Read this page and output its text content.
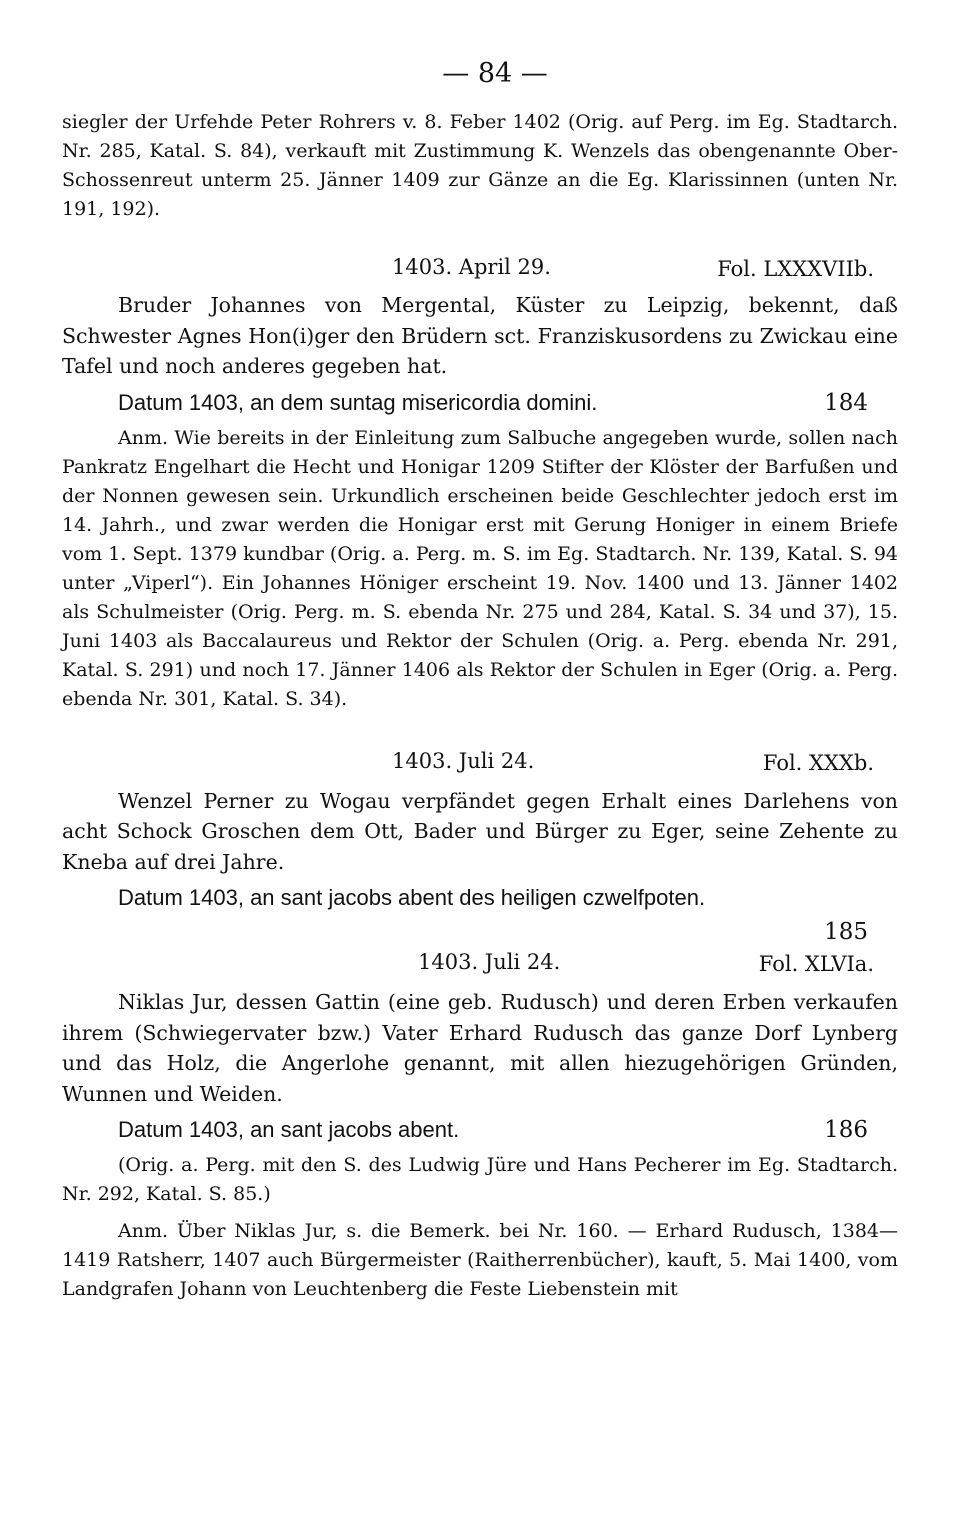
— 84 —

siegler der Urfehde Peter Rohrers v. 8. Feber 1402 (Orig. auf Perg. im Eg. Stadtarch. Nr. 285, Katal. S. 84), verkauft mit Zustimmung K. Wenzels das obengenannte Ober-Schossenreut unterm 25. Jänner 1409 zur Gänze an die Eg. Klarissinnen (unten Nr. 191, 192).

1403. April 29.	Fol. LXXXVIIb.

Bruder Johannes von Mergental, Küster zu Leipzig, bekennt, daß Schwester Agnes Hon(i)ger den Brüdern sct. Franziskusordens zu Zwickau eine Tafel und noch anderes gegeben hat.

Datum 1403, an dem suntag misericordia domini.	184

Anm. Wie bereits in der Einleitung zum Salbuche angegeben wurde, sollen nach Pankratz Engelhart die Hecht und Honigar 1209 Stifter der Klöster der Barfußen und der Nonnen gewesen sein. Urkundlich erscheinen beide Geschlechter jedoch erst im 14. Jahrh., und zwar werden die Honigar erst mit Gerung Honiger in einem Briefe vom 1. Sept. 1379 kundbar (Orig. a. Perg. m. S. im Eg. Stadtarch. Nr. 139, Katal. S. 94 unter „Viperl“). Ein Johannes Höniger erscheint 19. Nov. 1400 und 13. Jänner 1402 als Schulmeister (Orig. Perg. m. S. ebenda Nr. 275 und 284, Katal. S. 34 und 37), 15. Juni 1403 als Baccalaureus und Rektor der Schulen (Orig. a. Perg. ebenda Nr. 291, Katal. S. 291) und noch 17. Jänner 1406 als Rektor der Schulen in Eger (Orig. a. Perg. ebenda Nr. 301, Katal. S. 34).

1403. Juli 24.	Fol. XXXb.

Wenzel Perner zu Wogau verpfändet gegen Erhalt eines Darlehens von acht Schock Groschen dem Ott, Bader und Bürger zu Eger, seine Zehente zu Kneba auf drei Jahre.

Datum 1403, an sant jacobs abent des heiligen czwelfpoten.

185
1403. Juli 24.	Fol. XLVIa.

Niklas Jur, dessen Gattin (eine geb. Rudusch) und deren Erben verkaufen ihrem (Schwiegervater bzw.) Vater Erhard Rudusch das ganze Dorf Lynberg und das Holz, die Angerlohe genannt, mit allen hiezugehörigen Gründen, Wunnen und Weiden.

Datum 1403, an sant jacobs abent.	186

(Orig. a. Perg. mit den S. des Ludwig Jüre und Hans Pecherer im Eg. Stadtarch. Nr. 292, Katal. S. 85.)

Anm. Über Niklas Jur, s. die Bemerk. bei Nr. 160. — Erhard Rudusch, 1384—1419 Ratsherr, 1407 auch Bürgermeister (Raitherrenbücher), kauft, 5. Mai 1400, vom Landgrafen Johann von Leuchtenberg die Feste Liebenstein mit
